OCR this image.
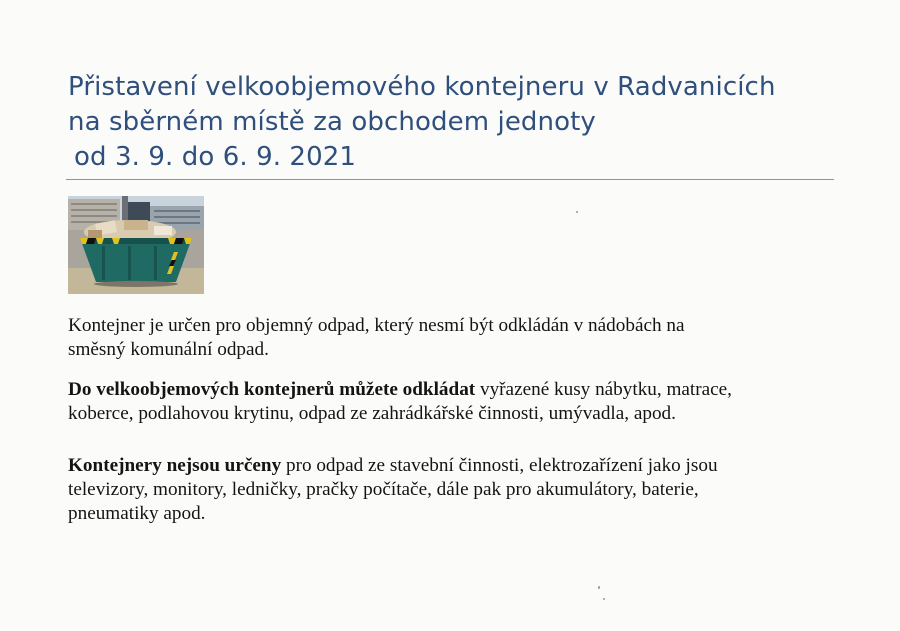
Přistavení velkoobjemového kontejneru v Radvanicích
na sběrném místě za obchodem jednoty
od 3. 9. do 6. 9. 2021
Kontejner je určen pro objemný odpad, který nesmí být odkládán v nádobách na
směsný komunální odpad.
Do velkoobjemových kontejnerů můžete odkládat vyřazené kusy nábytku, matrace,
koberce, podlahovou krytinu, odpad ze zahrádkářské činnosti, umývadla, apod.
Kontejnery nejsou určeny pro odpad ze stavební činnosti, elektrozařízení jako jsou
televizory, monitory, ledničky, pračky počítače, dále pak pro akumulátory, baterie,
pneumatiky apod.
